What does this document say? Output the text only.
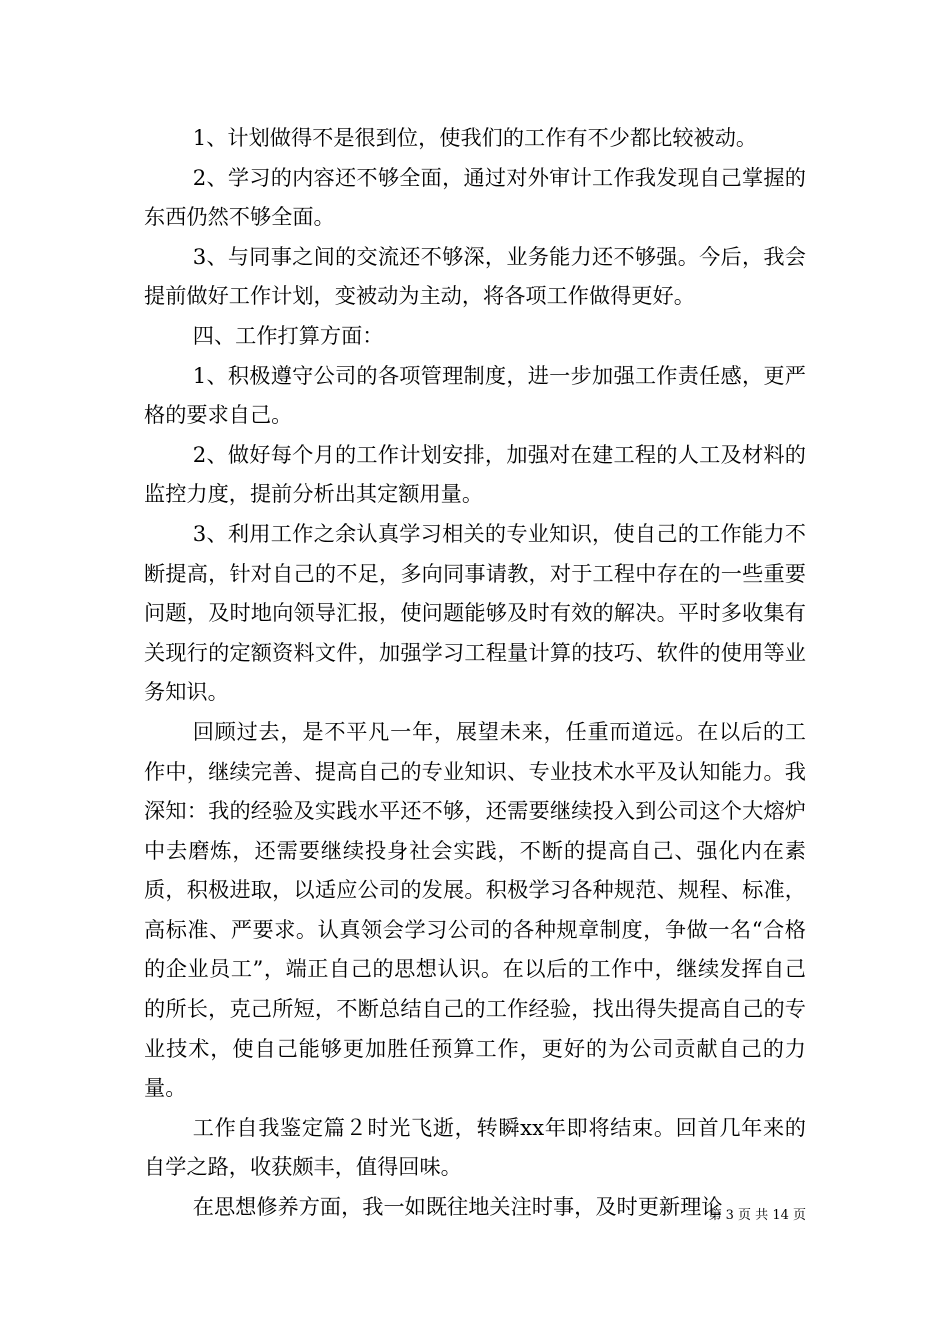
1、计划做得不是很到位，使我们的工作有不少都比较被动。

2、学习的内容还不够全面，通过对外审计工作我发现自己掌握的东西仍然不够全面。

3、与同事之间的交流还不够深，业务能力还不够强。今后，我会提前做好工作计划，变被动为主动，将各项工作做得更好。

四、工作打算方面：

1、积极遵守公司的各项管理制度，进一步加强工作责任感，更严格的要求自己。

2、做好每个月的工作计划安排，加强对在建工程的人工及材料的监控力度，提前分析出其定额用量。

3、利用工作之余认真学习相关的专业知识，使自己的工作能力不断提高，针对自己的不足，多向同事请教，对于工程中存在的一些重要问题，及时地向领导汇报，使问题能够及时有效的解决。平时多收集有关现行的定额资料文件，加强学习工程量计算的技巧、软件的使用等业务知识。

回顾过去，是不平凡一年，展望未来，任重而道远。在以后的工作中，继续完善、提高自己的专业知识、专业技术水平及认知能力。我深知：我的经验及实践水平还不够，还需要继续投入到公司这个大熔炉中去磨炼，还需要继续投身社会实践，不断的提高自己、强化内在素质，积极进取，以适应公司的发展。积极学习各种规范、规程、标准，高标准、严要求。认真领会学习公司的各种规章制度，争做一名“合格的企业员工”，端正自己的思想认识。在以后的工作中，继续发挥自己的所长，克己所短，不断总结自己的工作经验，找出得失提高自己的专业技术，使自己能够更加胜任预算工作，更好的为公司贡献自己的力量。

工作自我鉴定篇２时光飞逝，转瞬xx年即将结束。回首几年来的自学之路，收获颇丰，值得回味。

在思想修养方面，我一如既往地关注时事，及时更新理论

第 3 页 共 14 页
